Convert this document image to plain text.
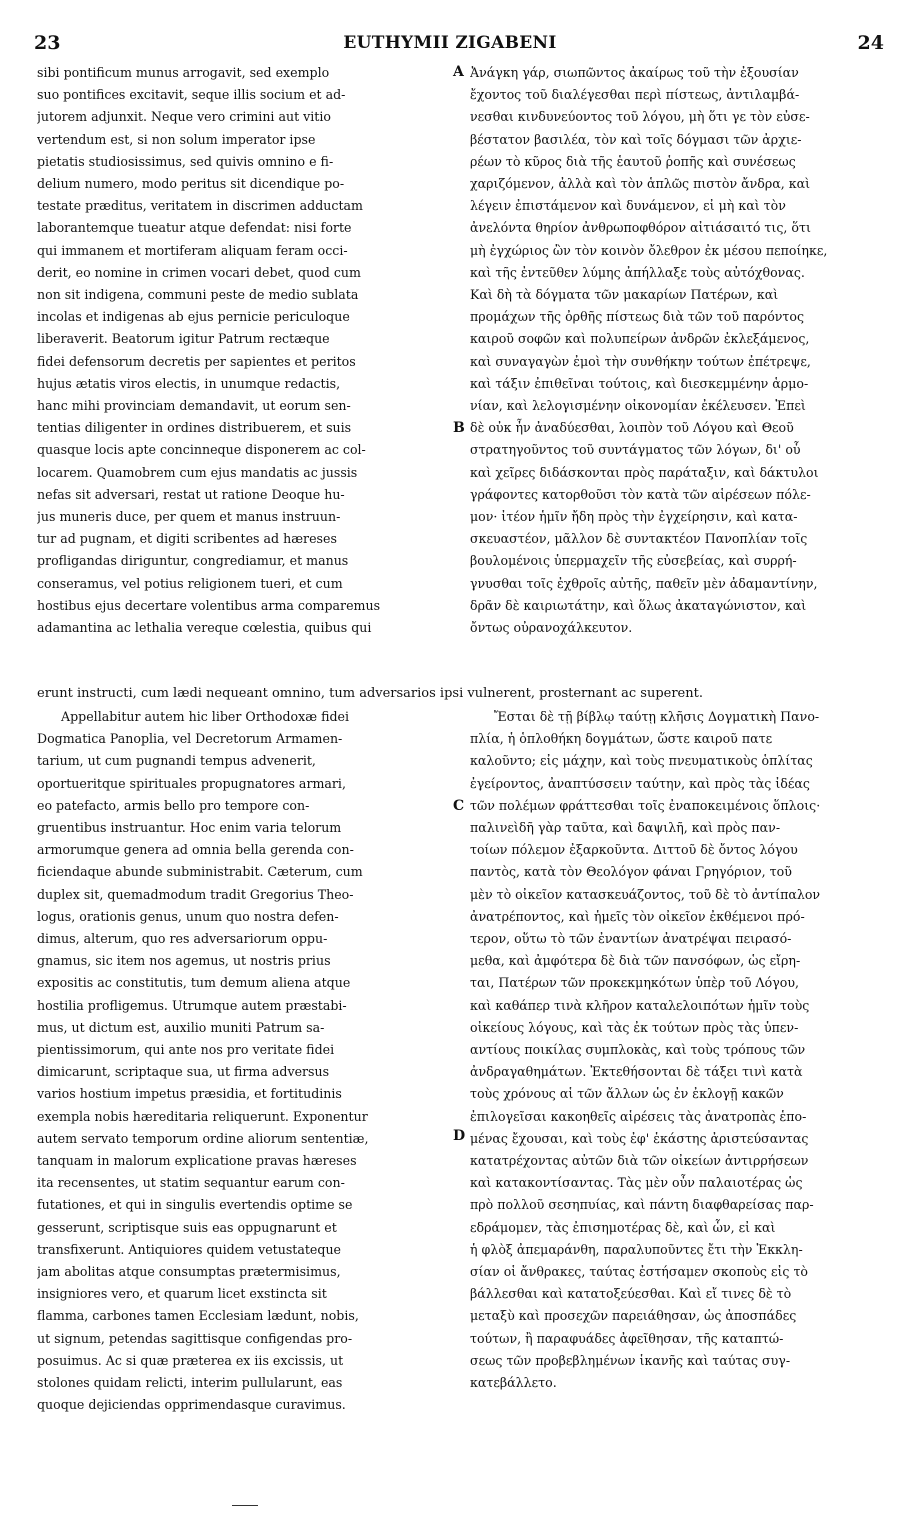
23	EUTHYMII ZIGABENI	24
A
B
C
D
sibi pontificum munus arrogavit, sed exemplo
suo pontifices excitavit, seque illis socium et ad-
jutorem adjunxit. Neque vero crimini aut vitio
vertendum est, si non solum imperator ipse
pietatis studiosissimus, sed quivis omnino e fi-
delium numero, modo peritus sit dicendique po-
testate præditus, veritatem in discrimen adductam
laborantemque tueatur atque defendat: nisi forte
qui immanem et mortiferam aliquam feram occi-
derit, eo nomine in crimen vocari debet, quod cum
non sit indigena, communi peste de medio sublata
incolas et indigenas ab ejus pernicie periculoque
liberaverit. Beatorum igitur Patrum rectæque
fidei defensorum decretis per sapientes et peritos
hujus ætatis viros electis, in unumque redactis,
hanc mihi provinciam demandavit, ut eorum sen-
tentias diligenter in ordines distribuerem, et suis
quasque locis apte concinneque disponerem ac col-
locarem. Quamobrem cum ejus mandatis ac jussis
nefas sit adversari, restat ut ratione Deoque hu-
jus muneris duce, per quem et manus instruun-
tur ad pugnam, et digiti scribentes ad hæreses
profligandas diriguntur, congrediamur, et manus
conseramus, vel potius religionem tueri, et cum
hostibus ejus decertare volentibus arma comparemus
adamantina ac lethalia vereque cœlestia, quibus qui
Ἀνάγκη γάρ, σιωπῶντος ἀκαίρως τοῦ τὴν ἐξουσίαν
ἔχοντος τοῦ διαλέγεσθαι περὶ πίστεως, ἀντιλαμβά-
νεσθαι κινδυνεύοντος τοῦ λόγου, μὴ ὅτι γε τὸν εὐσε-
βέστατον βασιλέα, τὸν καὶ τοῖς δόγμασι τῶν ἀρχιε-
ρέων τὸ κῦρος διὰ τῆς ἑαυτοῦ ῥοπῆς καὶ συνέσεως
χαριζόμενον, ἀλλὰ καὶ τὸν ἁπλῶς πιστὸν ἄνδρα, καὶ
λέγειν ἐπιστάμενον καὶ δυνάμενον, εἰ μὴ καὶ τὸν
ἀνελόντα θηρίον ἀνθρωποφθόρον αἰτιάσαιτό τις, ὅτι
μὴ ἐγχώριος ὢν τὸν κοινὸν ὄλεθρον ἐκ μέσου πεποίηκε,
καὶ τῆς ἐντεῦθεν λύμης ἀπήλλαξε τοὺς αὐτόχθονας.
Καὶ δὴ τὰ δόγματα τῶν μακαρίων Πατέρων, καὶ
προμάχων τῆς ὀρθῆς πίστεως διὰ τῶν τοῦ παρόντος
καιροῦ σοφῶν καὶ πολυπείρων ἀνδρῶν ἐκλεξάμενος,
καὶ συναγαγὼν ἐμοὶ τὴν συνθήκην τούτων ἐπέτρεψε,
καὶ τάξιν ἐπιθεῖναι τούτοις, καὶ διεσκεμμένην ἁρμο-
νίαν, καὶ λελογισμένην οἰκονομίαν ἐκέλευσεν. Ἐπεὶ
δὲ οὐκ ἦν ἀναδύεσθαι, λοιπὸν τοῦ Λόγου καὶ Θεοῦ
στρατηγοῦντος τοῦ συντάγματος τῶν λόγων, δι' οὗ
καὶ χεῖρες διδάσκονται πρὸς παράταξιν, καὶ δάκτυλοι
γράφοντες κατορθοῦσι τὸν κατὰ τῶν αἱρέσεων πόλε-
μον· ἰτέον ἡμῖν ἤδη πρὸς τὴν ἐγχείρησιν, καὶ κατα-
σκευαστέον, μᾶλλον δὲ συντακτέον Πανοπλίαν τοῖς
βουλομένοις ὑπερμαχεῖν τῆς εὐσεβείας, καὶ συρρή-
γνυσθαι τοῖς ἐχθροῖς αὐτῆς, παθεῖν μὲν ἀδαμαντίνην,
δρᾶν δὲ καιριωτάτην, καὶ ὅλως ἀκαταγώνιστον, καὶ
ὄντως οὐρανοχάλκευτον.
erunt instructi, cum lædi nequeant omnino, tum adversarios ipsi vulnerent, prosternant ac superent.
Appellabitur autem hic liber Orthodoxæ fidei
Dogmatica Panoplia, vel Decretorum Armamen-
tarium, ut cum pugnandi tempus advenerit,
oportueritque spirituales propugnatores armari,
eo patefacto, armis bello pro tempore con-
gruentibus instruantur. Hoc enim varia telorum
armorumque genera ad omnia bella gerenda con-
ficiendaque abunde subministrabit. Cæterum, cum
duplex sit, quemadmodum tradit Gregorius Theo-
logus, orationis genus, unum quo nostra defen-
dimus, alterum, quo res adversariorum oppu-
gnamus, sic item nos agemus, ut nostris prius
expositis ac constitutis, tum demum aliena atque
hostilia profligemus. Utrumque autem præstabi-
mus, ut dictum est, auxilio muniti Patrum sa-
pientissimorum, qui ante nos pro veritate fidei
dimicarunt, scriptaque sua, ut firma adversus
varios hostium impetus præsidia, et fortitudinis
exempla nobis hæreditaria reliquerunt. Exponentur
autem servato temporum ordine aliorum sententiæ,
tanquam in malorum explicatione pravas hæreses
ita recensentes, ut statim sequantur earum con-
futationes, et qui in singulis evertendis optime se
gesserunt, scriptisque suis eas oppugnarunt et
transfixerunt. Antiquiores quidem vetustateque
jam abolitas atque consumptas prætermisimus,
insigniores vero, et quarum licet exstincta sit
flamma, carbones tamen Ecclesiam lædunt, nobis,
ut signum, petendas sagittisque configendas pro-
posuimus. Ac si quæ præterea ex iis excissis, ut
stolones quidam relicti, interim pullularunt, eas
quoque dejiciendas opprimendasque curavimus.
Ἔσται δὲ τῇ βίβλῳ ταύτῃ κλῆσις Δογματικὴ Πανο-
πλία, ἡ ὁπλοθήκη δογμάτων, ὥστε καιροῦ πατε
καλοῦντο; εἰς μάχην, καὶ τοὺς πνευματικοὺς ὁπλίτας
ἐγείροντος, ἀναπτύσσειν ταύτην, καὶ πρὸς τὰς ἰδέας
τῶν πολέμων φράττεσθαι τοῖς ἐναποκειμένοις ὅπλοις·
παλινεὶδῆ γὰρ ταῦτα, καὶ δαψιλῆ, καὶ πρὸς παν-
τοίων πόλεμον ἐξαρκοῦντα. Διττοῦ δὲ ὄντος λόγου
παντὸς, κατὰ τὸν Θεολόγον φάναι Γρηγόριον, τοῦ
μὲν τὸ οἰκεῖον κατασκευάζοντος, τοῦ δὲ τὸ ἀντίπαλον
ἀνατρέποντος, καὶ ἡμεῖς τὸν οἰκεῖον ἐκθέμενοι πρό-
τερον, οὕτω τὸ τῶν ἐναντίων ἀνατρέψαι πειρασό-
μεθα, καὶ ἀμφότερα δὲ διὰ τῶν πανσόφων, ὡς εἴρη-
ται, Πατέρων τῶν προκεκμηκότων ὑπὲρ τοῦ Λόγου,
καὶ καθάπερ τινὰ κλῆρον καταλελοιπότων ἡμῖν τοὺς
οἰκείους λόγους, καὶ τὰς ἐκ τούτων πρὸς τὰς ὑπεν-
αντίους ποικίλας συμπλοκὰς, καὶ τοὺς τρόπους τῶν
ἀνδραγαθημάτων. Ἐκτεθήσονται δὲ τάξει τινὶ κατὰ
τοὺς χρόνους αἱ τῶν ἄλλων ὡς ἐν ἐκλογῇ κακῶν
ἐπιλογεῖσαι κακοηθεῖς αἱρέσεις τὰς ἀνατροπὰς ἑπο-
μένας ἔχουσαι, καὶ τοὺς ἐφ' ἑκάστης ἀριστεύσαντας
κατατρέχοντας αὐτῶν διὰ τῶν οἰκείων ἀντιρρήσεων
καὶ κατακοντίσαντας. Τὰς μὲν οὖν παλαιοτέρας ὡς
πρὸ πολλοῦ σεσηπυίας, καὶ πάντη διαφθαρείσας παρ-
εδράμομεν, τὰς ἐπισημοτέρας δὲ, καὶ ὧν, εἰ καὶ
ἡ φλὸξ ἀπεμαράνθη, παραλυποῦντες ἔτι τὴν Ἐκκλη-
σίαν οἱ ἄνθρακες, ταύτας ἐστήσαμεν σκοποὺς εἰς τὸ
βάλλεσθαι καὶ κατατοξεύεσθαι. Καὶ εἴ τινες δὲ τὸ
μεταξὺ καὶ προσεχῶν παρειάθησαν, ὡς ἀποσπάδες
τούτων, ἢ παραφυάδες ἀφεῖθησαν, τῆς καταπτώ-
σεως τῶν προβεβλημένων ἱκανῆς καὶ ταύτας συγ-
κατεβάλλετο.
